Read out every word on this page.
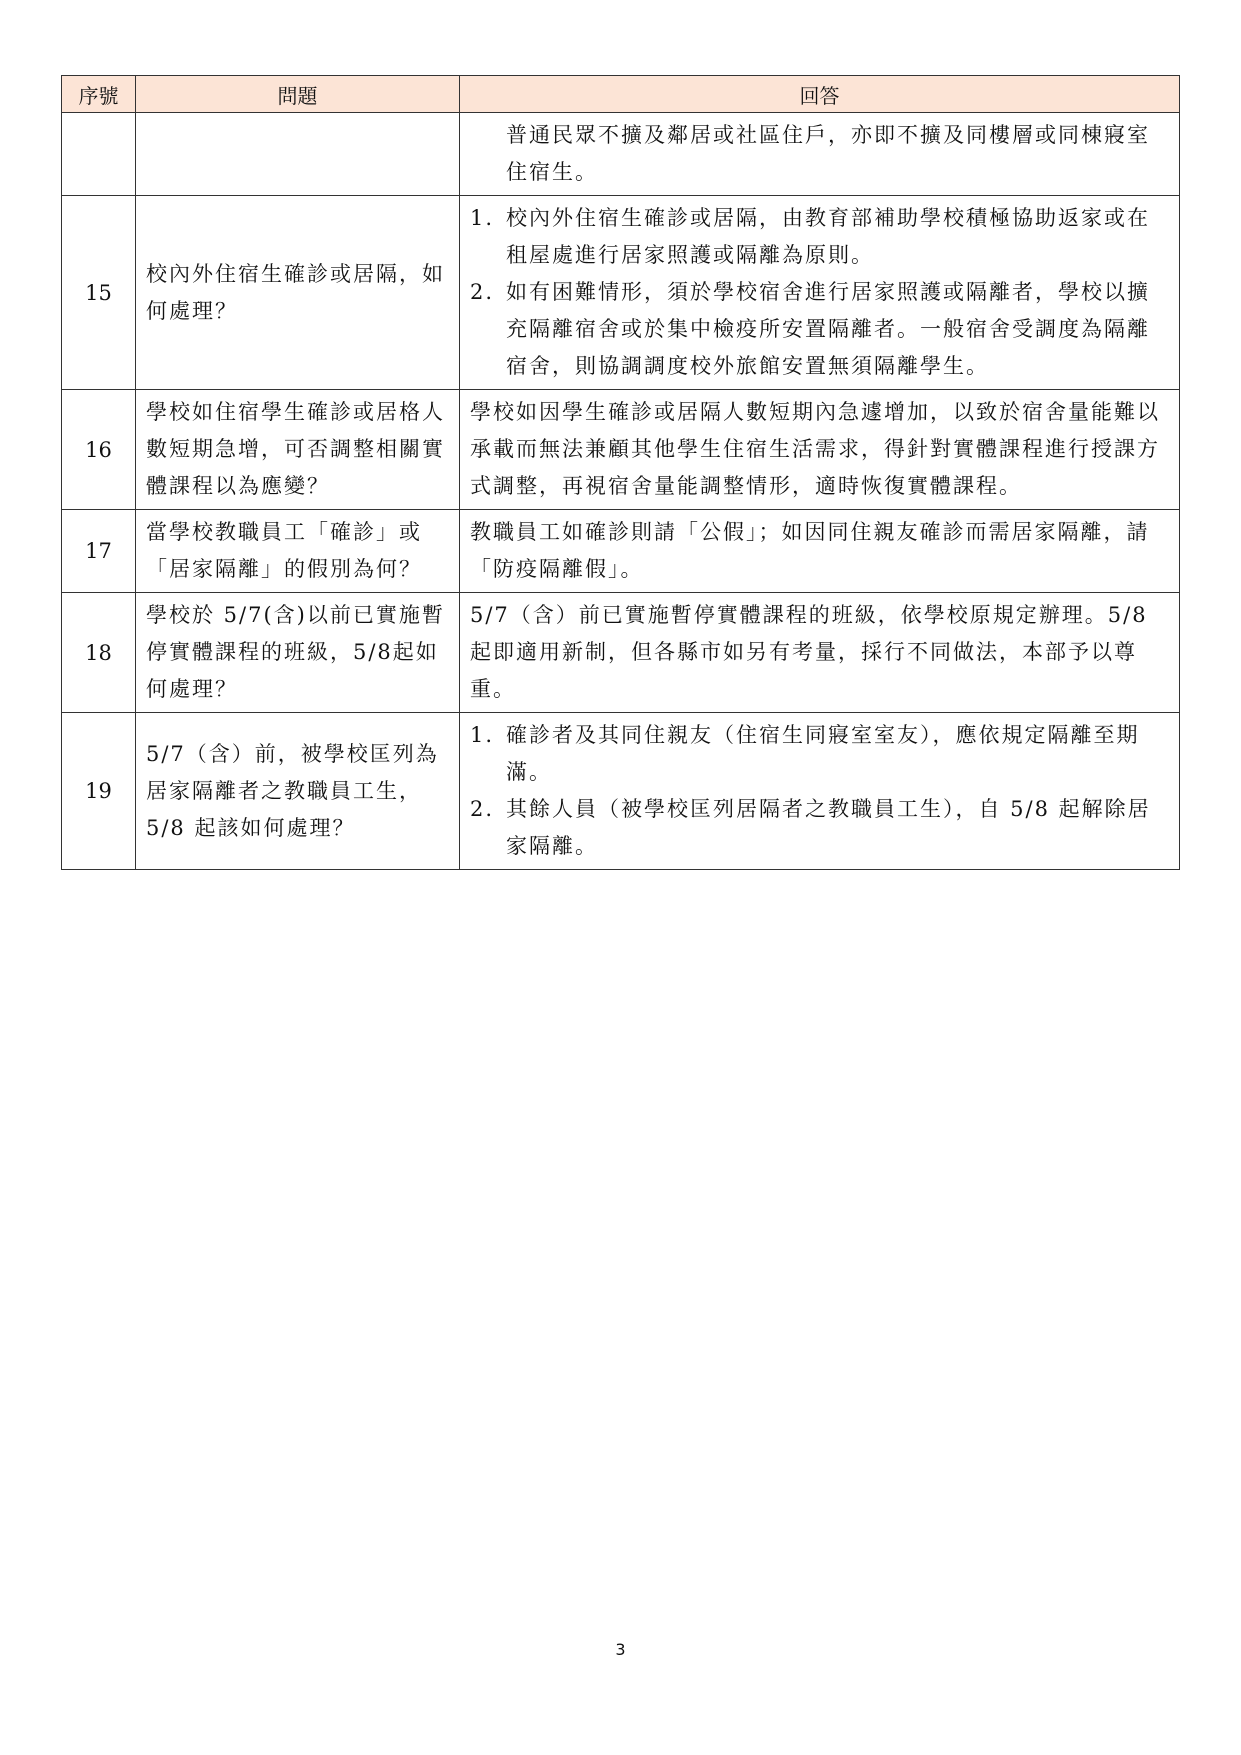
序號	問題	回答

		普通民眾不擴及鄰居或社區住戶，亦即不擴及同樓層或同棟寢室住宿生。

15	校內外住宿生確診或居隔，如何處理？	1. 校內外住宿生確診或居隔，由教育部補助學校積極協助返家或在租屋處進行居家照護或隔離為原則。
2. 如有困難情形，須於學校宿舍進行居家照護或隔離者，學校以擴充隔離宿舍或於集中檢疫所安置隔離者。一般宿舍受調度為隔離宿舍，則協調調度校外旅館安置無須隔離學生。

16	學校如住宿學生確診或居格人數短期急增，可否調整相關實體課程以為應變？	學校如因學生確診或居隔人數短期內急遽增加，以致於宿舍量能難以承載而無法兼顧其他學生住宿生活需求，得針對實體課程進行授課方式調整，再視宿舍量能調整情形，適時恢復實體課程。
17	當學校教職員工「確診」或「居家隔離」的假別為何？	教職員工如確診則請「公假」；如因同住親友確診而需居家隔離，請「防疫隔離假」。
18	學校於 5/7(含)以前已實施暫停實體課程的班級，5/8起如何處理？	5/7（含）前已實施暫停實體課程的班級，依學校原規定辦理。5/8 起即適用新制，但各縣市如另有考量，採行不同做法，本部予以尊重。
19	5/7（含）前，被學校匡列為居家隔離者之教職員工生，5/8 起該如何處理？	1. 確診者及其同住親友（住宿生同寢室室友），應依規定隔離至期滿。
2. 其餘人員（被學校匡列居隔者之教職員工生），自 5/8 起解除居家隔離。
3
